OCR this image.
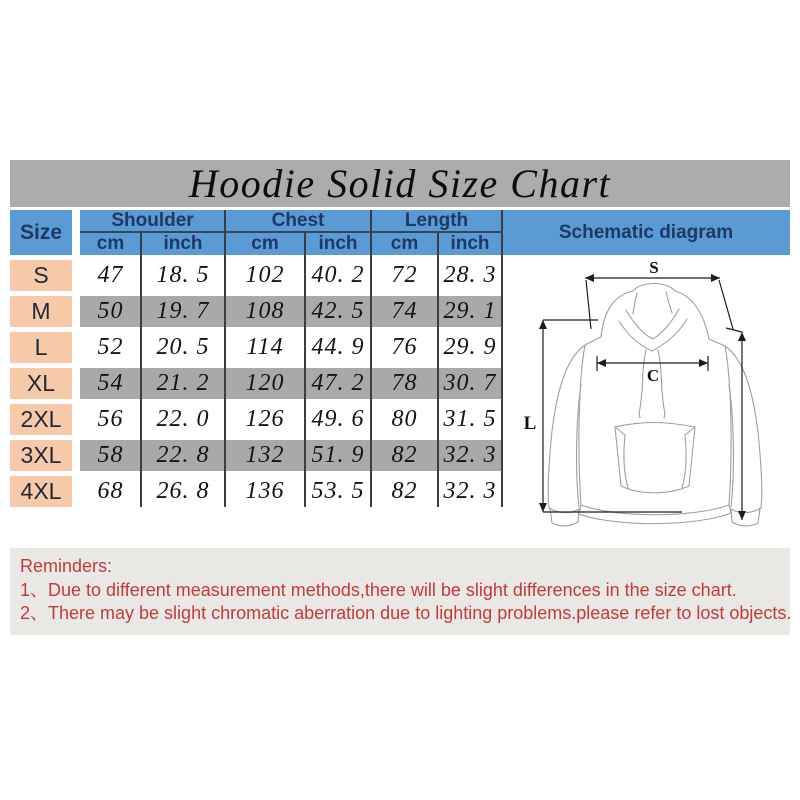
Hoodie Solid Size Chart
Size	Shoulder	Chest	Length
cm	inch	cm	inch	cm	inch
Schematic diagram
S	47	18. 5	102	40. 2	72	28. 3
M	50	19. 7	108	42. 5	74	29. 1
L	52	20. 5	114	44. 9	76	29. 9
XL	54	21. 2	120	47. 2	78	30. 7
2XL	56	22. 0	126	49. 6	80	31. 5
3XL	58	22. 8	132	51. 9	82	32. 3
4XL	68	26. 8	136	53. 5	82	32. 3
S
C
L
Reminders:
1、Due to different measurement methods,there will be slight differences in the size chart.
2、There may be slight chromatic aberration due to lighting problems.please refer to lost objects.
